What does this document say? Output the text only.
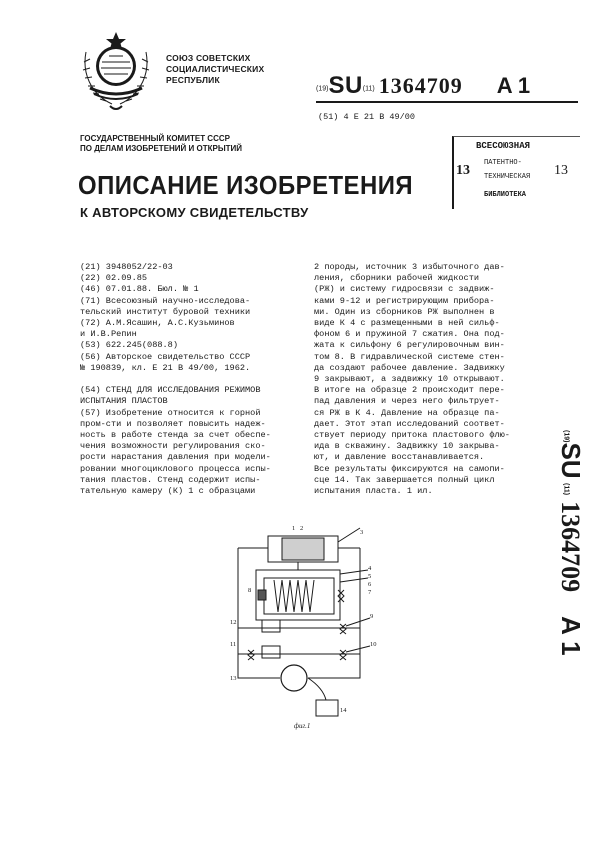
СОЮЗ СОВЕТСКИХ
СОЦИАЛИСТИЧЕСКИХ
РЕСПУБЛИК
(19)SU(11) 1364709 A 1
(51) 4 E 21 B 49/00
ГОСУДАРСТВЕННЫЙ КОМИТЕТ СССР
ПО ДЕЛАМ ИЗОБРЕТЕНИЙ И ОТКРЫТИЙ	ВСЕСОЮЗНАЯ
13 ПАТЕНТНО-
ТЕХНИЧЕСКАЯ 13
БИБЛИОТЕКА
ОПИСАНИЕ ИЗОБРЕТЕНИЯ
К АВТОРСКОМУ СВИДЕТЕЛЬСТВУ
(21) 3948052/22-03
(22) 02.09.85
(46) 07.01.88. Бюл. № 1
(71) Всесоюзный научно-исследова-
тельский институт буровой техники
(72) А.М.Ясашин, А.С.Кузьминов
и И.В.Репин
(53) 622.245(088.8)
(56) Авторское свидетельство СССР
№ 190839, кл. Е 21 В 49/00, 1962.
(54) СТЕНД ДЛЯ ИССЛЕДОВАНИЯ РЕЖИМОВ
ИСПЫТАНИЯ ПЛАСТОВ
(57) Изобретение относится к горной
пром-сти и позволяет повысить надеж-
ность в работе стенда за счет обеспе-
чения возможности регулирования ско-
рости нарастания давления при модели-
ровании многоциклового процесса испы-
тания пластов. Стенд содержит испы-
тательную камеру (К) 1 с образцами
2 породы, источник 3 избыточного дав-
ления, сборники рабочей жидкости
(РЖ) и систему гидросвязи с задвиж-
ками 9-12 и регистрирующим прибора-
ми. Один из сборников РЖ выполнен в
виде К 4 с размещенными в ней сильф-
фоном 6 и пружиной 7 сжатия. Она под-
жата к сильфону 6 регулировочным вин-
том 8. В гидравлической системе стен-
да создают рабочее давление. Задвижку
9 закрывают, а задвижку 10 открывают.
В итоге на образце 2 происходит пере-
пад давления и через него фильтрует-
ся РЖ в К 4. Давление на образце па-
дает. Этот этап исследований соответ-
ствует периоду притока пластового флю-
ида в скважину. Задвижку 10 закрыва-
ют, и давление восстанавливается.
Все результаты фиксируются на самопи-
сце 14. Так завершается полный цикл
испытания пласта. 1 ил.
(19)SU (11)1364709A 1
1 2
3
4
5
6
7
8
9
10
11
12
13
14
фиг.1
